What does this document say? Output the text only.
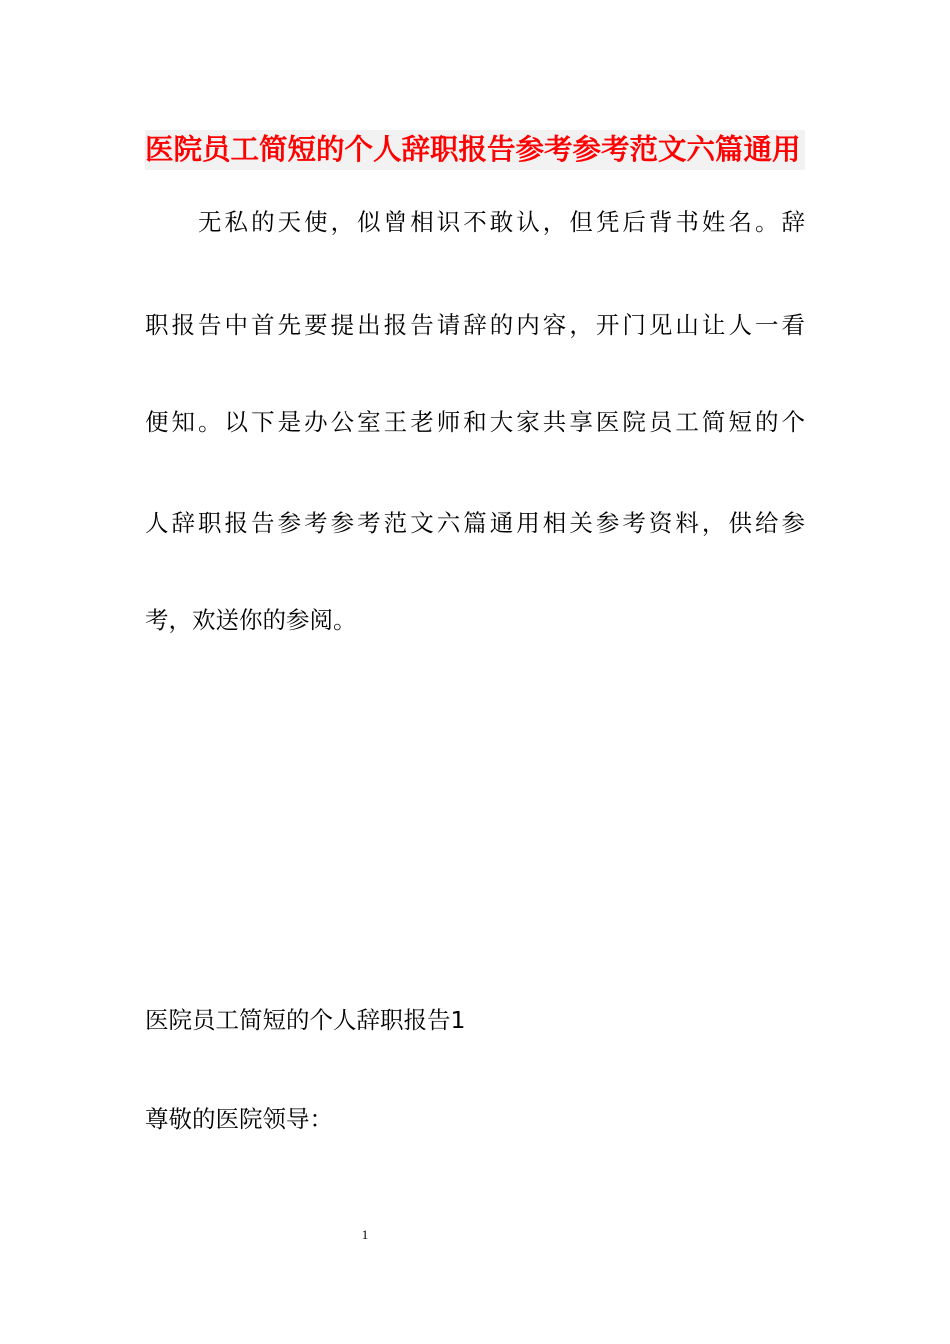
医院员工简短的个人辞职报告参考参考范文六篇通用
　　无私的天使，似曾相识不敢认，但凭后背书姓名。辞
职报告中首先要提出报告请辞的内容，开门见山让人一看
便知。以下是办公室王老师和大家共享医院员工简短的个
人辞职报告参考参考范文六篇通用相关参考资料，供给参
考，欢送你的参阅。
医院员工简短的个人辞职报告1
尊敬的医院领导：
1
